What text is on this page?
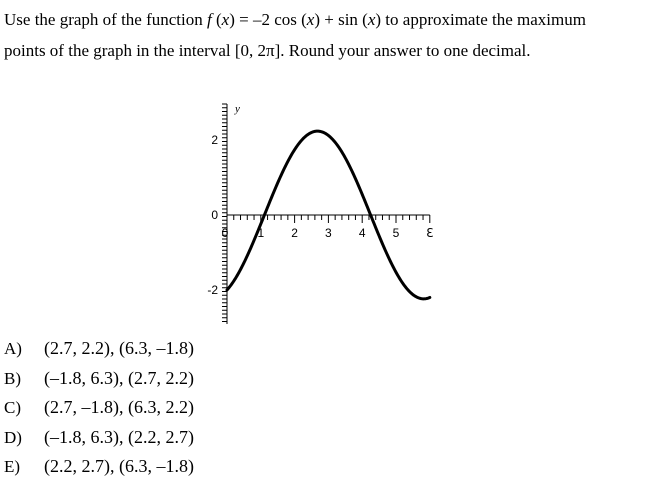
Use the graph of the function f (x) = –2 cos (x) + sin (x) to approximate the maximum
points of the graph in the interval [0, 2π]. Round your answer to one decimal.
y
2
0
-2
0 1 2 3 4 5 ℇ
A) (2.7, 2.2), (6.3, –1.8)
B) (–1.8, 6.3), (2.7, 2.2)
C) (2.7, –1.8), (6.3, 2.2)
D) (–1.8, 6.3), (2.2, 2.7)
E) (2.2, 2.7), (6.3, –1.8)
